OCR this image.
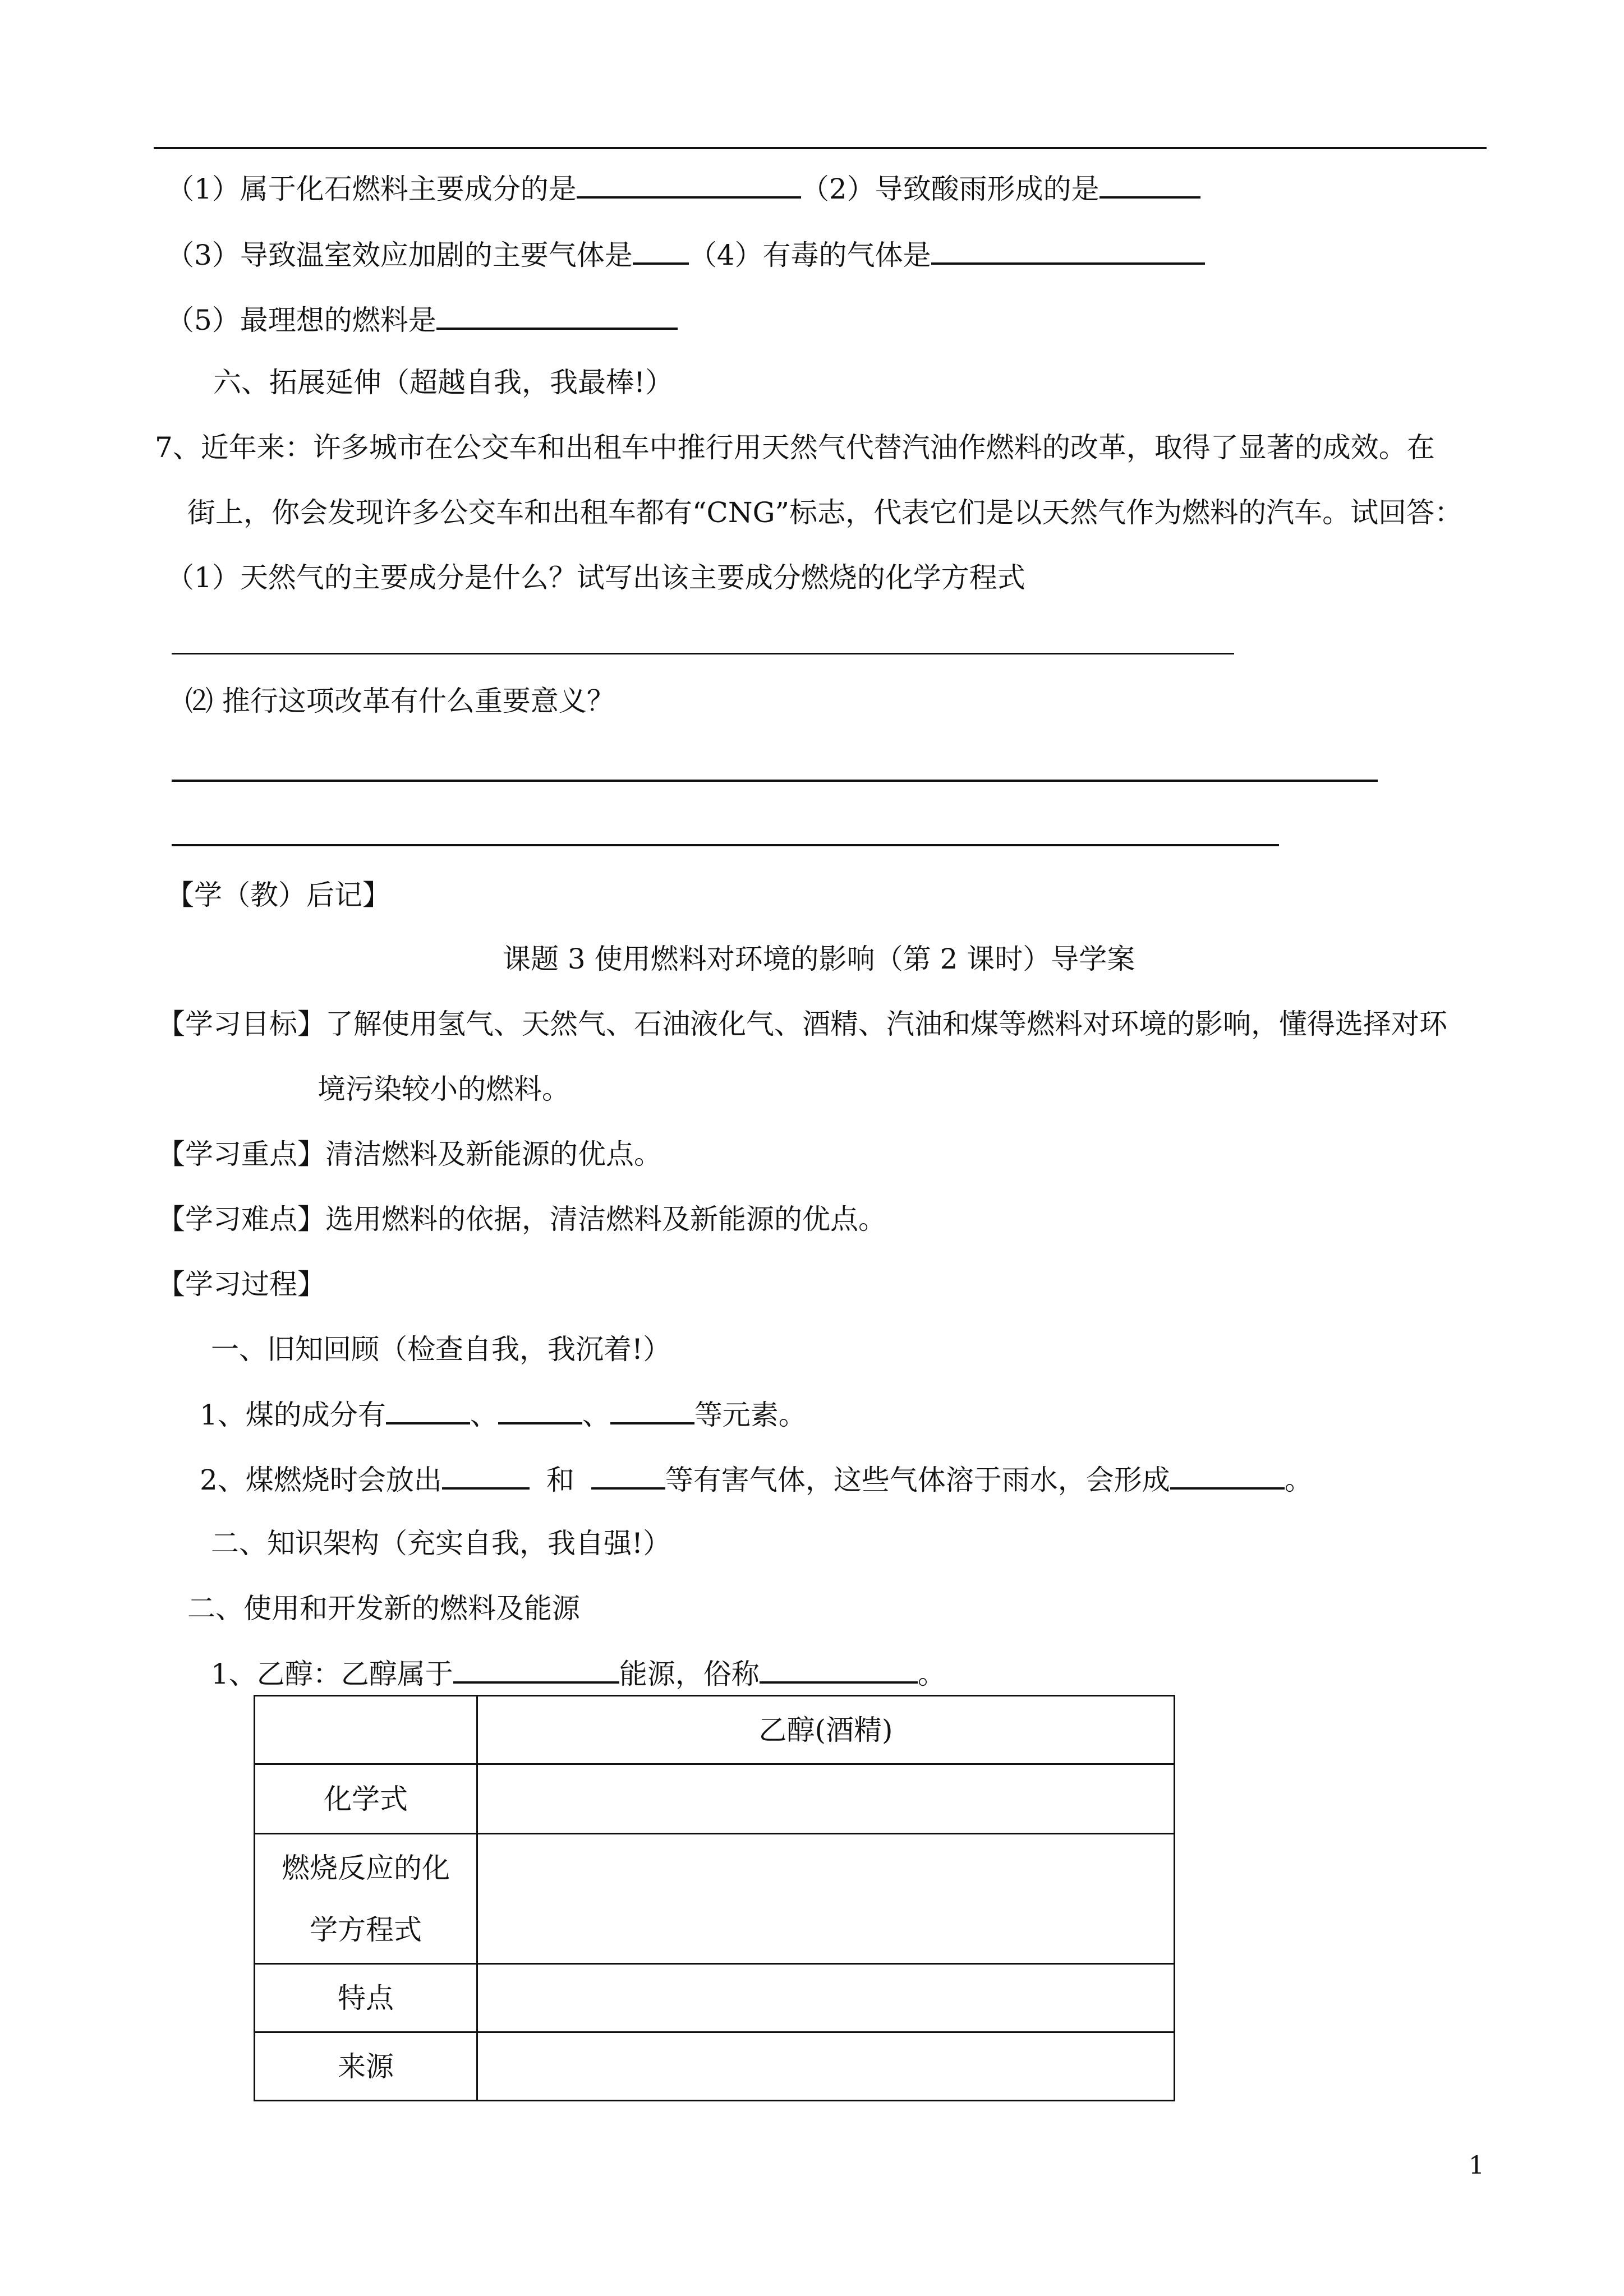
（1）属于化石燃料主要成分的是	（2）导致酸雨形成的是
（3）导致温室效应加剧的主要气体是 （4）有毒的气体是
（5）最理想的燃料是
六、拓展延伸（超越自我，我最棒!）
7、近年来：许多城市在公交车和出租车中推行用天然气代替汽油作燃料的改革，取得了显著的成效。在
街上，你会发现许多公交车和出租车都有“CNG”标志，代表它们是以天然气作为燃料的汽车。试回答：
（1）天然气的主要成分是什么？试写出该主要成分燃烧的化学方程式
⑵ 推行这项改革有什么重要意义？
【学（教）后记】
课题 3 使用燃料对环境的影响（第 2 课时）导学案
【学习目标】了解使用氢气、天然气、石油液化气、酒精、汽油和煤等燃料对环境的影响，懂得选择对环
境污染较小的燃料。
【学习重点】清洁燃料及新能源的优点。
【学习难点】选用燃料的依据，清洁燃料及新能源的优点。
【学习过程】
一、旧知回顾（检查自我，我沉着!）
1、煤的成分有	、	、	等元素。
2、煤燃烧时会放出	和	等有害气体，这些气体溶于雨水，会形成	。
二、知识架构（充实自我，我自强!）
二、使用和开发新的燃料及能源
1、乙醇：乙醇属于	能源，俗称	。
	乙醇(酒精)
化学式	
燃烧反应的化
学方程式	
特点	
来源	
1
